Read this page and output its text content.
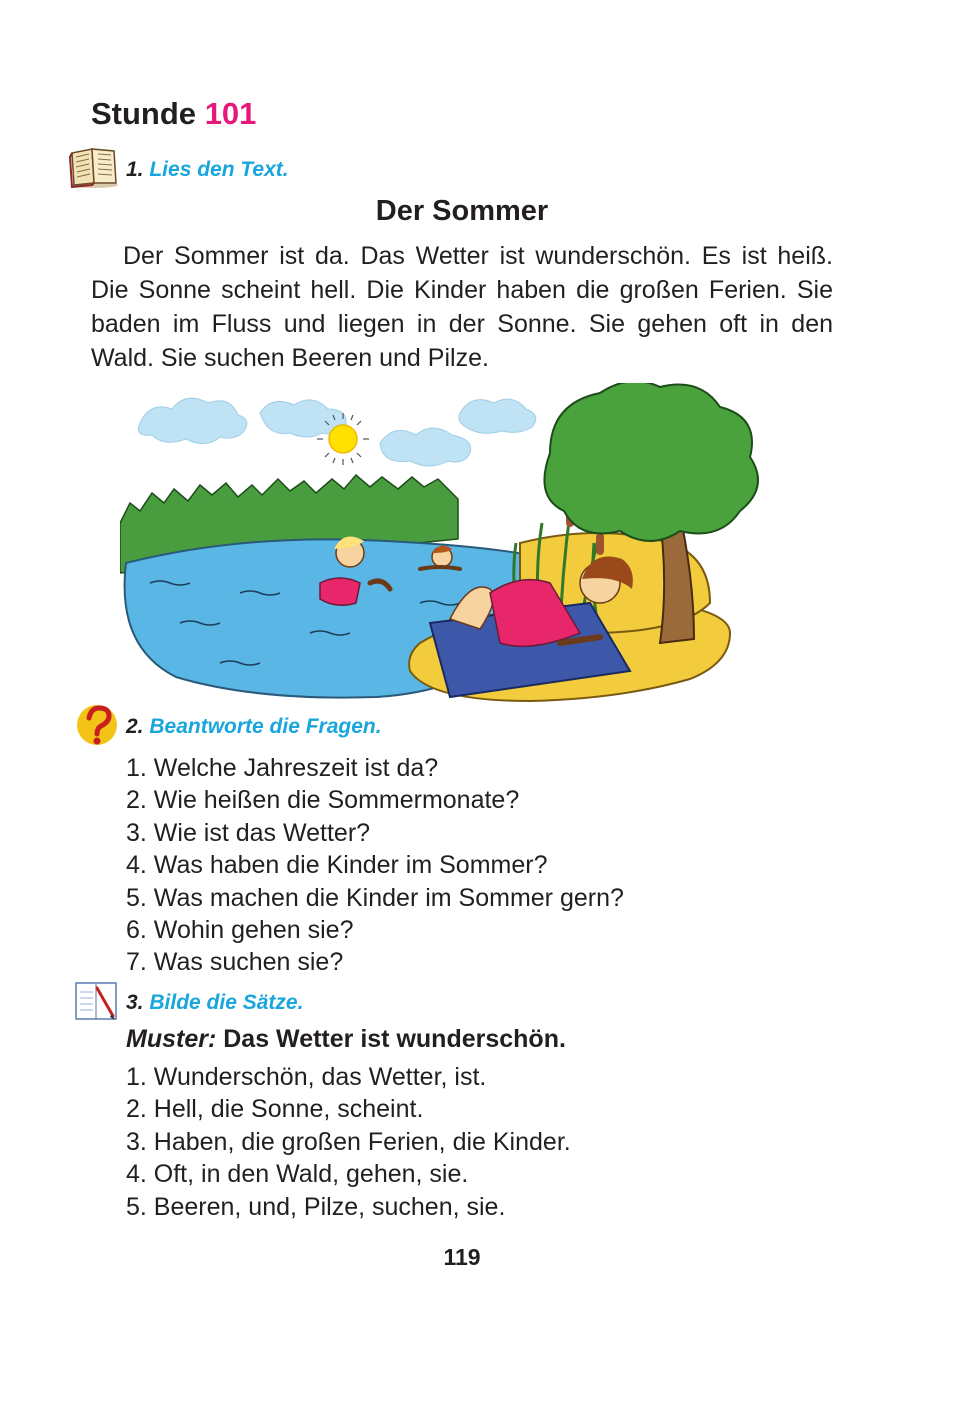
Stunde 101
1. Lies den Text.
Der Sommer

Der Sommer ist da. Das Wetter ist wunderschön. Es ist heiß. Die Sonne scheint hell. Die Kinder haben die großen Ferien. Sie baden im Fluss und liegen in der Sonne. Sie gehen oft in den Wald. Sie suchen Beeren und Pilze.

2. Beantworte die Fragen.
1. Welche Jahreszeit ist da?
2. Wie heißen die Sommermonate?
3. Wie ist das Wetter?
4. Was haben die Kinder im Sommer?
5. Was machen die Kinder im Sommer gern?
6. Wohin gehen sie?
7. Was suchen sie?
3. Bilde die Sätze.
Muster: Das Wetter ist wunderschön.
1. Wunderschön, das Wetter, ist.
2. Hell, die Sonne, scheint.
3. Haben, die großen Ferien, die Kinder.
4. Oft, in den Wald, gehen, sie.
5. Beeren, und, Pilze, suchen, sie.
119
